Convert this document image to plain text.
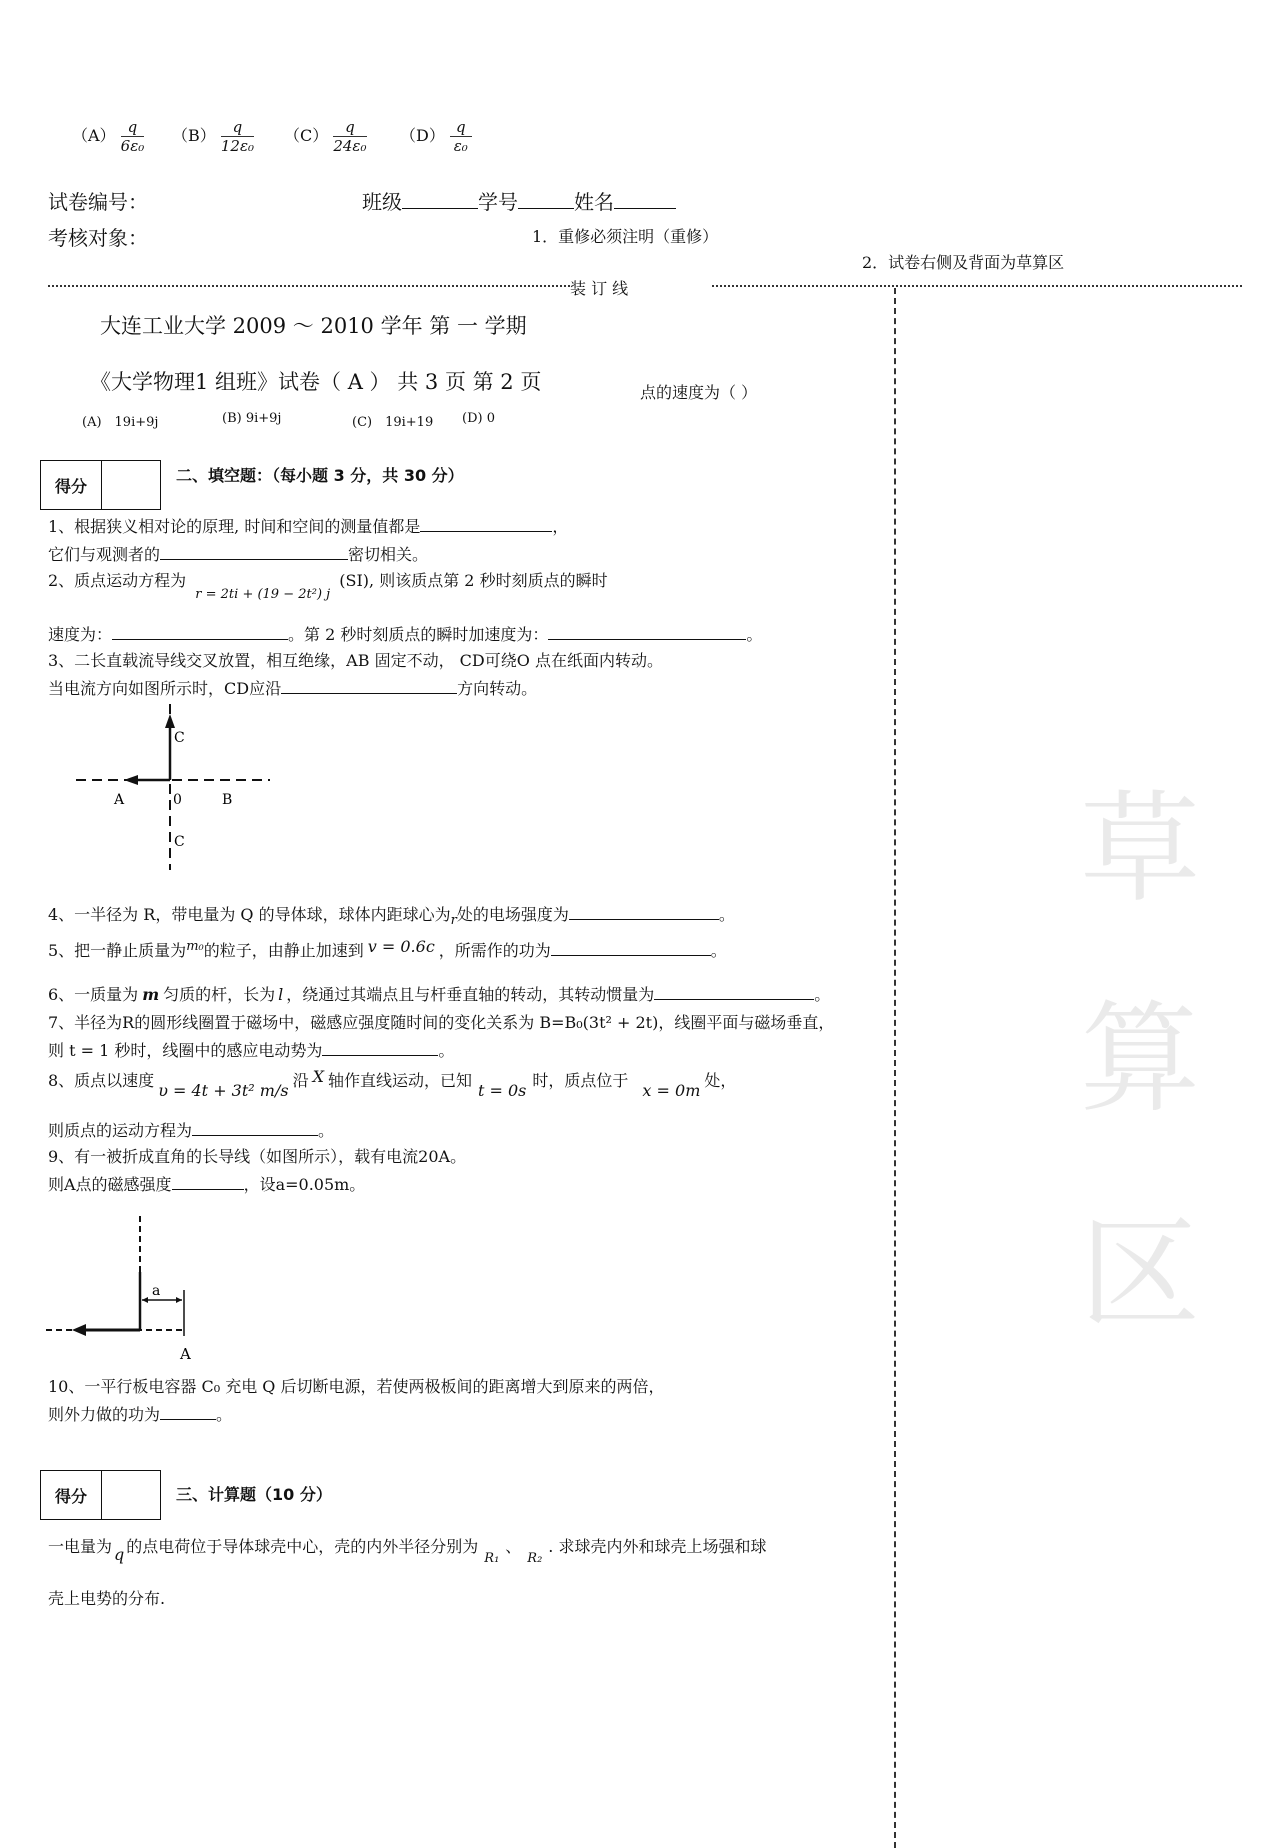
$(A) \frac{q}{\text{6ε₀}} (B) \frac{q}{\text{12ε₀}} (C) \frac{q}{\text{24ε₀}} (D) \frac{q}{\text{ε₀}}$
试卷编号：	班级	学号	姓名
考核对象：	1．重修必须注明（重修）
2．试卷右侧及背面为草算区
装 订 线
大连工业大学 2009 ～ 2010 学年 第 一 学期
《大学物理1 组班》试卷（ A ） 共 3 页 第 2 页	点的速度为（ ）
(A)　19i+9j	(B) 9i+9j	(C)　19i+19 (D) 0
得分
二、填空题：（每小题 3 分，共 30 分）
1、根据狭义相对论的原理, 时间和空间的测量值都是	，
它们与观测者的	密切相关。
2、质点运动方程为 r = 2ti + (19 − 2t²) j (SI), 则该质点第 2 秒时刻质点的瞬时
速度为：	。第 2 秒时刻质点的瞬时加速度为：	。
3、二长直载流导线交叉放置，相互绝缘，AB 固定不动， CD可绕O 点在纸面内转动。
当电流方向如图所示时，CD应沿	方向转动。
C
A	0	B
C
4、一半径为 R，带电量为 Q 的导体球，球体内距球心为$_r$处的电场强度为	。
5、把一静止质量为$^{m_0}$的粒子，由静止加速到 v = 0.6c ，所需作的功为	。
6、一质量为 m 匀质的杆，长为 l ，绕通过其端点且与杆垂直轴的转动，其转动惯量为	。
7、半径为R的圆形线圈置于磁场中，磁感应强度随时间的变化关系为 B=B₀(3t² + 2t)，线圈平面与磁场垂直，
则 t = 1 秒时，线圈中的感应电动势为	。
8、质点以速度υ = 4t + 3t² m/s沿 X 轴作直线运动，已知t = 0s时，质点位于x = 0m处，
则质点的运动方程为	。
9、有一被折成直角的长导线（如图所示），载有电流20A。
则A点的磁感强度	，设a=0.05m。
a
A
10、一平行板电容器 C₀ 充电 Q 后切断电源，若使两极板间的距离增大到原来的两倍，
则外力做的功为	。
得分	三、计算题（10 分）
一电量为 q 的点电荷位于导体球壳中心，壳的内外半径分别为$_{R_1}$、$_{R_2}$. 求球壳内外和球壳上场强和球
壳上电势的分布.
草
算
区
